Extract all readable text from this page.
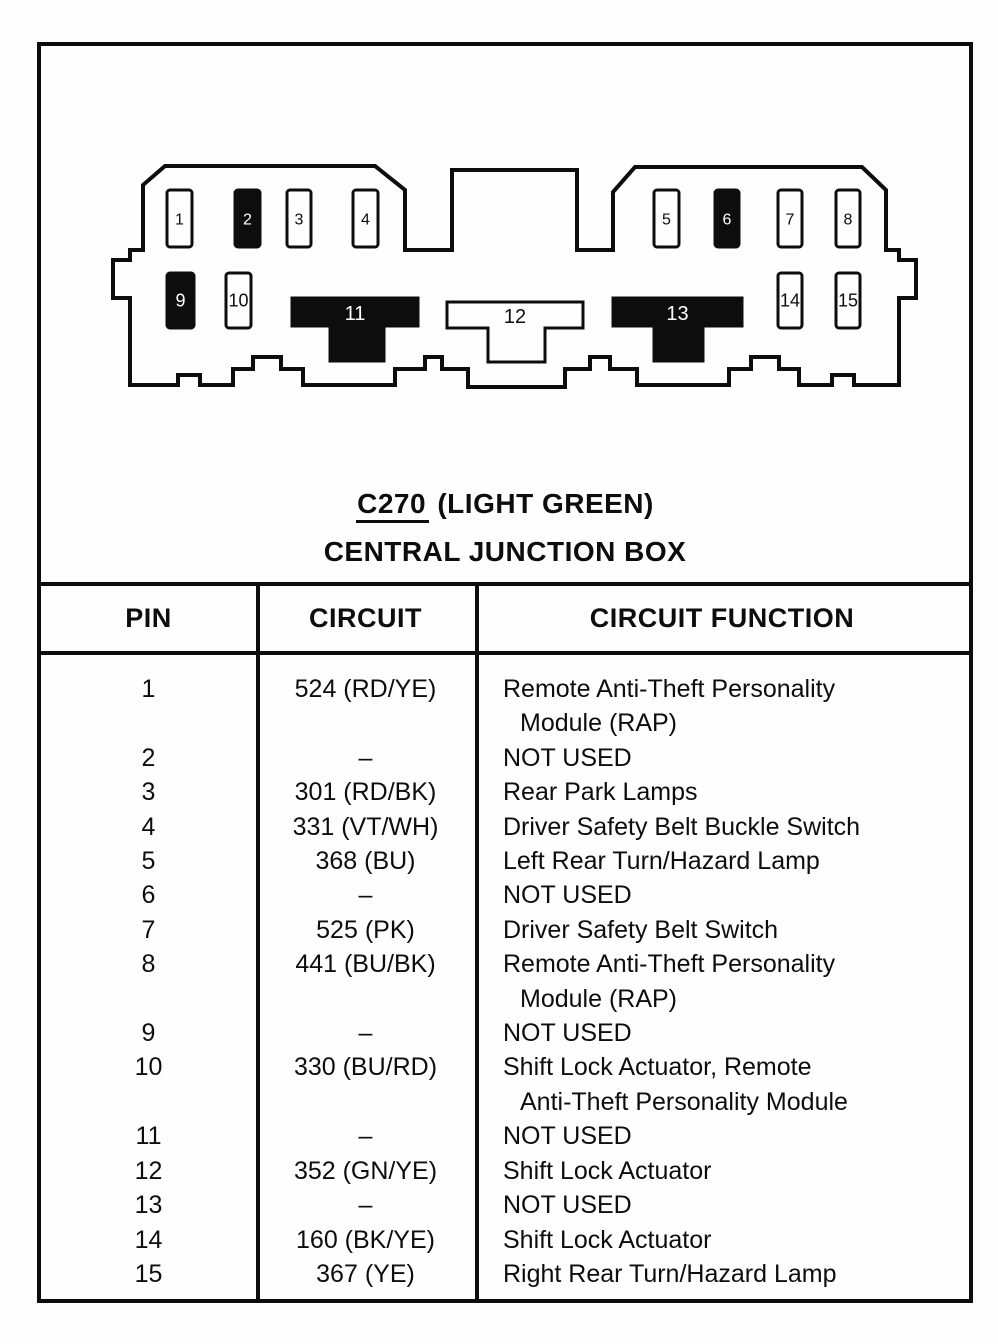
1	2	3	4	5	6	7	8
9 10	14 15
11	12	13
C270 (LIGHT GREEN)
CENTRAL JUNCTION BOX
PIN	CIRCUIT	CIRCUIT FUNCTION
1	524 (RD/YE)	Remote Anti-Theft Personality
Module (RAP)
2	–	NOT USED
3	301 (RD/BK)	Rear Park Lamps
4	331 (VT/WH)	Driver Safety Belt Buckle Switch
5	368 (BU)	Left Rear Turn/Hazard Lamp
6	–	NOT USED
7	525 (PK)	Driver Safety Belt Switch
8	441 (BU/BK)	Remote Anti-Theft Personality
Module (RAP)
9	–	NOT USED
10	330 (BU/RD)	Shift Lock Actuator, Remote
Anti-Theft Personality Module
11	–	NOT USED
12	352 (GN/YE)	Shift Lock Actuator
13	–	NOT USED
14	160 (BK/YE)	Shift Lock Actuator
15	367 (YE)	Right Rear Turn/Hazard Lamp
